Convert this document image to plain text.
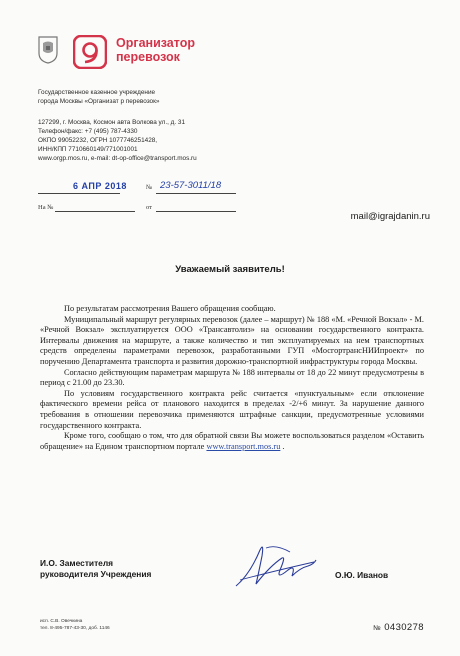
Организатор
перевозок
Государственное казенное учреждение
города Москвы «Организат р перевозок»
127299, г. Москва, Космон авта Волкова ул., д. 31
Телефон/факс: +7 (495) 787-4330
ОКПО 99052232, ОГРН 1077746251428,
ИНН/КПП 7710660149/771001001
www.orgp.mos.ru, e-mail: dt-op-office@transport.mos.ru
6 АПР 2018	№ 23-57-3011/18
На №	от
mail@igrajdanin.ru
Уважаемый заявитель!

По результатам рассмотрения Вашего обращения сообщаю.

Муниципальный маршрут регулярных перевозок (далее – маршрут) № 188 «М. «Речной Вокзал» - М. «Речной Вокзал» эксплуатируется ООО «Трансавтолиз» на основании государственного контракта. Интервалы движения на маршруте, а также количество и тип эксплуатируемых на нем транспортных средств определены параметрами перевозок, разработанными ГУП «МосгортрансНИИпроект» по поручению Департамента транспорта и развития дорожно-транспортной инфраструктуры города Москвы.

Согласно действующим параметрам маршрута № 188 интервалы от 18 до 22 минут предусмотрены в период с 21.00 до 23.30.

По условиям государственного контракта рейс считается «пунктуальным» если отклонение фактического времени рейса от планового находится в пределах -2/+6 минут. За нарушение данного требования в отношении перевозчика применяются штрафные санкции, предусмотренные условиями государственного контракта.

Кроме того, сообщаю о том, что для обратной связи Вы можете воспользоваться разделом «Оставить обращение» на Едином транспортном портале www.transport.mos.ru .

И.О. Заместителя
руководителя Учреждения	О.Ю. Иванов
исп. С.В. Овечкина
тел. 8-495-787-43-30, доб. 1146	№ 0430278
